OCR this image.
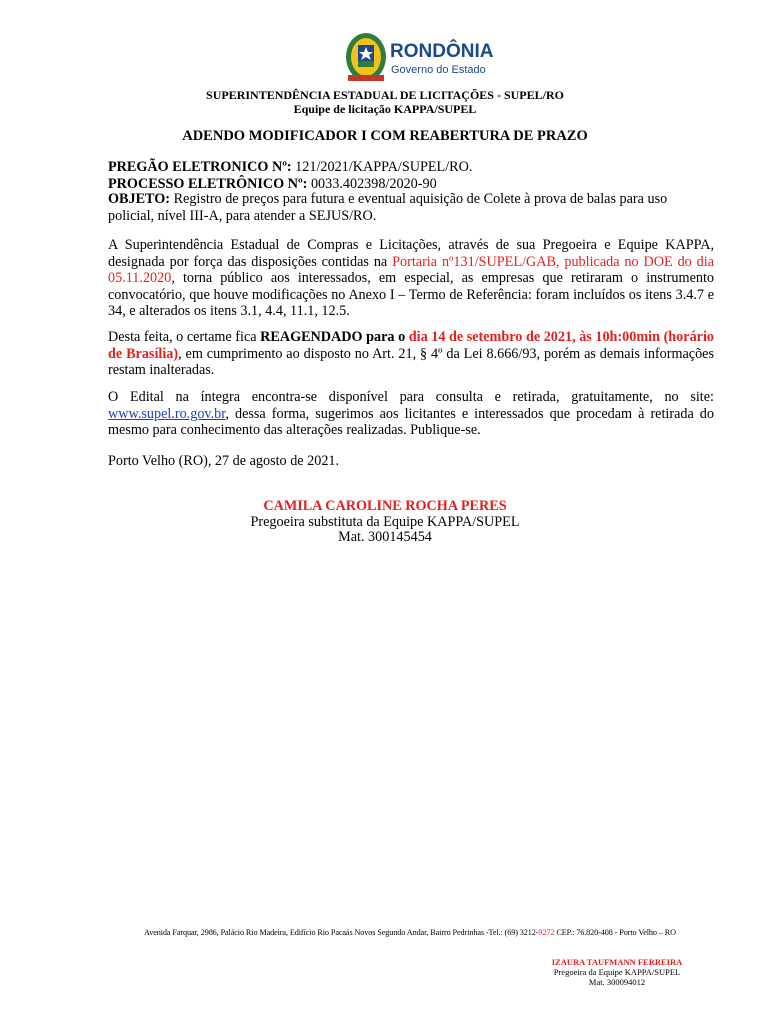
RONDÔNIA
Governo do Estado
SUPERINTENDÊNCIA ESTADUAL DE LICITAÇÕES - SUPEL/RO
Equipe de licitação KAPPA/SUPEL
ADENDO MODIFICADOR I COM REABERTURA DE PRAZO
PREGÃO ELETRONICO Nº: 121/2021/KAPPA/SUPEL/RO.
PROCESSO ELETRÔNICO Nº: 0033.402398/2020-90
OBJETO: Registro de preços para futura e eventual aquisição de Colete à prova de balas para uso policial, nível III-A, para atender a SEJUS/RO.
A Superintendência Estadual de Compras e Licitações, através de sua Pregoeira e Equipe KAPPA, designada por força das disposições contidas na Portaria nº131/SUPEL/GAB, publicada no DOE do dia 05.11.2020, torna público aos interessados, em especial, as empresas que retiraram o instrumento convocatório, que houve modificações no Anexo I – Termo de Referência: foram incluídos os itens 3.4.7 e 34, e alterados os itens 3.1, 4.4, 11.1, 12.5.
Desta feita, o certame fica REAGENDADO para o dia 14 de setembro de 2021, às 10h:00min (horário de Brasília), em cumprimento ao disposto no Art. 21, § 4º da Lei 8.666/93, porém as demais informações restam inalteradas.
O Edital na íntegra encontra-se disponível para consulta e retirada, gratuitamente, no site: www.supel.ro.gov.br, dessa forma, sugerimos aos licitantes e interessados que procedam à retirada do mesmo para conhecimento das alterações realizadas. Publique-se.
Porto Velho (RO), 27 de agosto de 2021.
CAMILA CAROLINE ROCHA PERES
Pregoeira substituta da Equipe KAPPA/SUPEL
Mat. 300145454
Avenida Farquar, 2986, Palácio Rio Madeira, Edifício Rio Pacaás Novos Segundo Andar, Bairro Pedrinhas -Tel.: (69) 3212-9272 CEP.: 76.820-408 - Porto Velho – RO
IZAURA TAUFMANN FERREIRA
Pregoeira da Equipe KAPPA/SUPEL
Mat. 300094012
